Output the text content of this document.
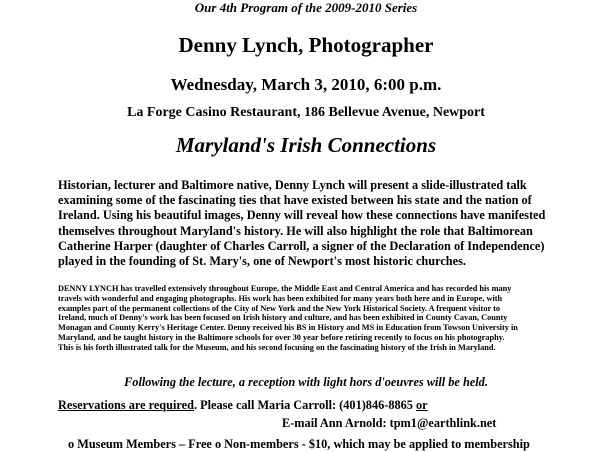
Our 4th Program of the 2009-2010 Series
Denny Lynch, Photographer
Wednesday, March 3, 2010, 6:00 p.m.
La Forge Casino Restaurant, 186 Bellevue Avenue, Newport
Maryland's Irish Connections

Historian, lecturer and Baltimore native, Denny Lynch will present a slide-illustrated talk
examining some of the fascinating ties that have existed between his state and the nation of
Ireland. Using his beautiful images, Denny will reveal how these connections have manifested
themselves throughout Maryland's history. He will also highlight the role that Baltimorean
Catherine Harper (daughter of Charles Carroll, a signer of the Declaration of Independence)
played in the founding of St. Mary's, one of Newport's most historic churches.

DENNY LYNCH has travelled extensively throughout Europe, the Middle East and Central America and has recorded his many
travels with wonderful and engaging photographs. His work has been exhibited for many years both here and in Europe, with
examples part of the permanent collections of the City of New York and the New York Historical Society. A frequent visitor to
Ireland, much of Denny's work has been focused on Irish history and culture, and has been exhibited in County Cavan, County
Monagan and County Kerry's Heritage Center. Denny received his BS in History and MS in Education from Towson University in
Maryland, and he taught history in the Baltimore schools for over 30 year before retiring recently to focus on his photography.
This is his forth illustrated talk for the Museum, and his second focusing on the fascinating history of the Irish in Maryland.

Following the lecture, a reception with light hors d'oeuvres will be held.
Reservations are required. Please call Maria Carroll: (401)846-8865 or
E-mail Ann Arnold: tpm1@earthlink.net
o Museum Members – Free o Non-members - $10, which may be applied to membership
